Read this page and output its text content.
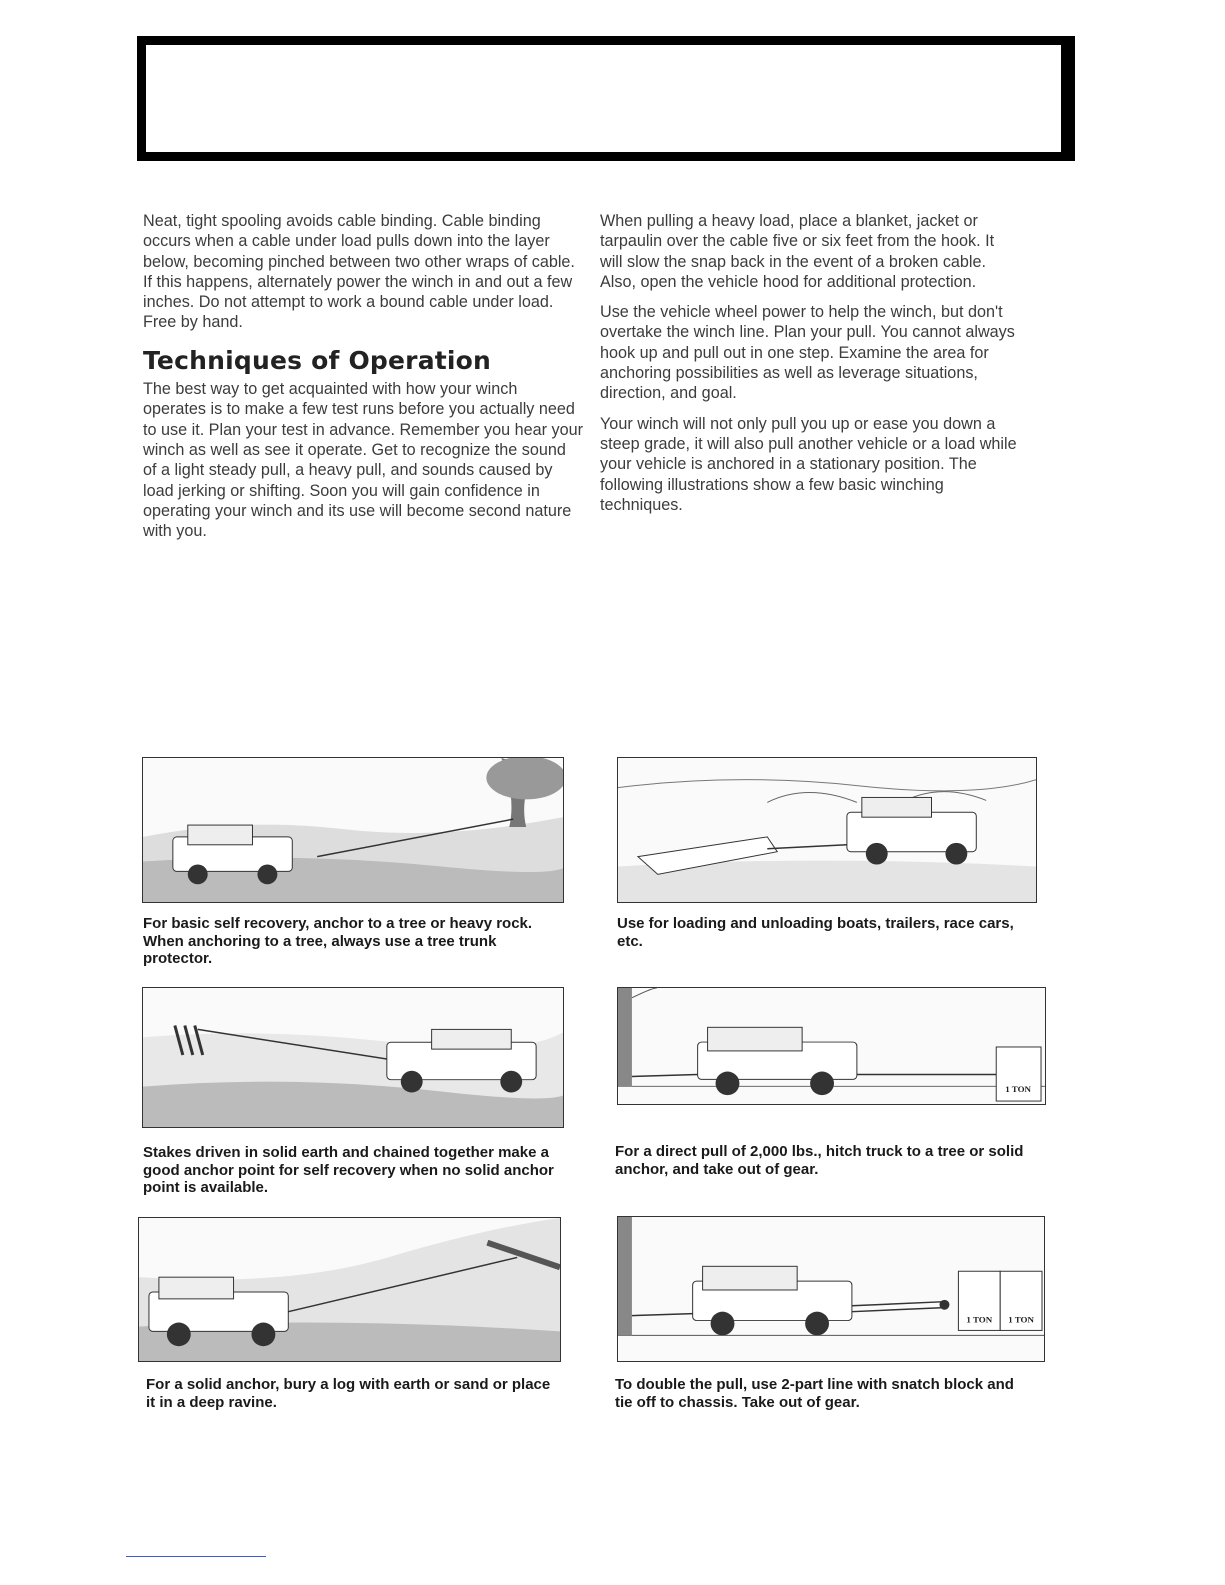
Neat, tight spooling avoids cable binding. Cable binding occurs when a cable under load pulls down into the layer below, becoming pinched between two other wraps of cable. If this happens, alternately power the winch in and out a few inches. Do not attempt to work a bound cable under load. Free by hand.

Techniques of Operation

The best way to get acquainted with how your winch operates is to make a few test runs before you actually need to use it. Plan your test in advance. Remember you hear your winch as well as see it operate. Get to recognize the sound of a light steady pull, a heavy pull, and sounds caused by load jerking or shifting. Soon you will gain confidence in operating your winch and its use will become second nature with you.

When pulling a heavy load, place a blanket, jacket or tarpaulin over the cable five or six feet from the hook. It will slow the snap back in the event of a broken cable. Also, open the vehicle hood for additional protection.

Use the vehicle wheel power to help the winch, but don't overtake the winch line. Plan your pull. You cannot always hook up and pull out in one step. Examine the area for anchoring possibilities as well as leverage situations, direction, and goal.

Your winch will not only pull you up or ease you down a steep grade, it will also pull another vehicle or a load while your vehicle is anchored in a stationary position. The following illustrations show a few basic winching techniques.

For basic self recovery, anchor to a tree or heavy rock. When anchoring to a tree, always use a tree trunk protector.

Use for loading and unloading boats, trailers, race cars, etc.

Stakes driven in solid earth and chained together make a good anchor point for self recovery when no solid anchor point is available.

1 TON

For a direct pull of 2,000 lbs., hitch truck to a tree or solid anchor, and take out of gear.

For a solid anchor, bury a log with earth or sand or place it in a deep ravine.

1 TON 1 TON

To double the pull, use 2-part line with snatch block and tie off to chassis. Take out of gear.
